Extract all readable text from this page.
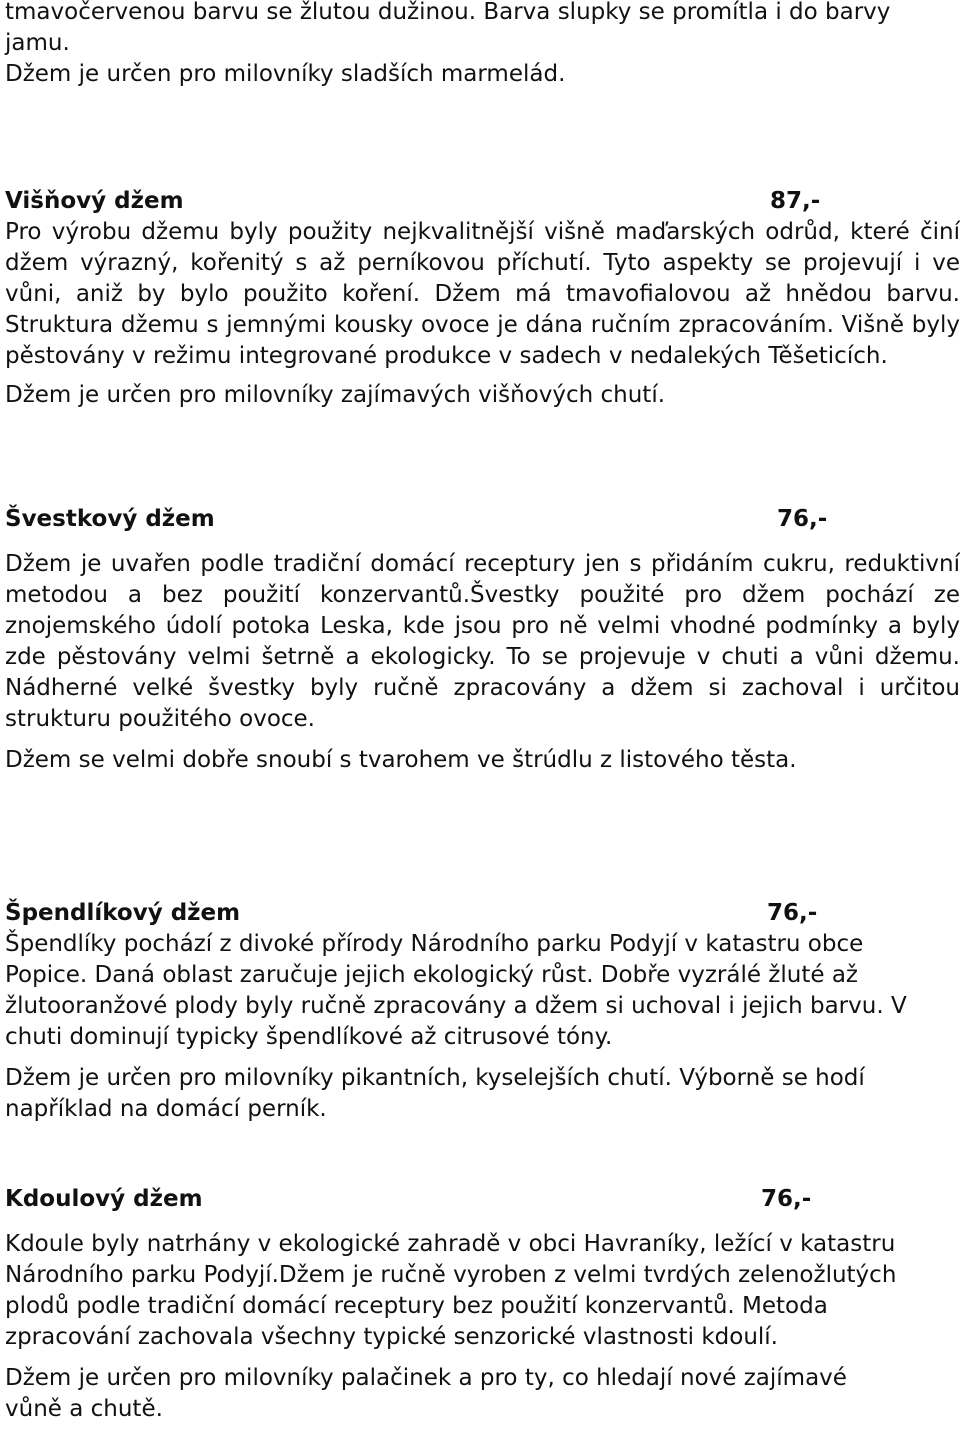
tmavočervenou barvu se žlutou dužinou. Barva slupky se promítla i do barvy jamu.

Džem je určen pro milovníky sladších marmelád.

Višňový džem	87,-

Pro výrobu džemu byly použity nejkvalitnější višně maďarských odrůd, které činí džem výrazný, kořenitý s až perníkovou příchutí. Tyto aspekty se projevují i ve vůni, aniž by bylo použito koření. Džem má tmavofialovou až hnědou barvu. Struktura džemu s jemnými kousky ovoce je dána ručním zpracováním. Višně byly pěstovány v režimu integrované produkce v sadech v nedalekých Těšeticích.

Džem je určen pro milovníky zajímavých višňových chutí.

Švestkový džem	76,-

Džem je uvařen podle tradiční domácí receptury jen s přidáním cukru, reduktivní metodou a bez použití konzervantů.Švestky použité pro džem pochází ze znojemského údolí potoka Leska, kde jsou pro ně velmi vhodné podmínky a byly zde pěstovány velmi šetrně a ekologicky. To se projevuje v chuti a vůni džemu. Nádherné velké švestky byly ručně zpracovány a džem si zachoval i určitou strukturu použitého ovoce.

Džem se velmi dobře snoubí s tvarohem ve štrúdlu z listového těsta.

Špendlíkový džem	76,-

Špendlíky pochází z divoké přírody Národního parku Podyjí v katastru obce Popice. Daná oblast zaručuje jejich ekologický růst. Dobře vyzrálé žluté až žlutooranžové plody byly ručně zpracovány a džem si uchoval i jejich barvu. V chuti dominují typicky špendlíkové až citrusové tóny.

Džem je určen pro milovníky pikantních, kyselejších chutí. Výborně se hodí například na domácí perník.

Kdoulový džem	76,-

Kdoule byly natrhány v ekologické zahradě v obci Havraníky, ležící v katastru Národního parku Podyjí.Džem je ručně vyroben z velmi tvrdých zelenožlutých plodů podle tradiční domácí receptury bez použití konzervantů. Metoda zpracování zachovala všechny typické senzorické vlastnosti kdoulí.

Džem je určen pro milovníky palačinek a pro ty, co hledají nové zajímavé vůně a chutě.
